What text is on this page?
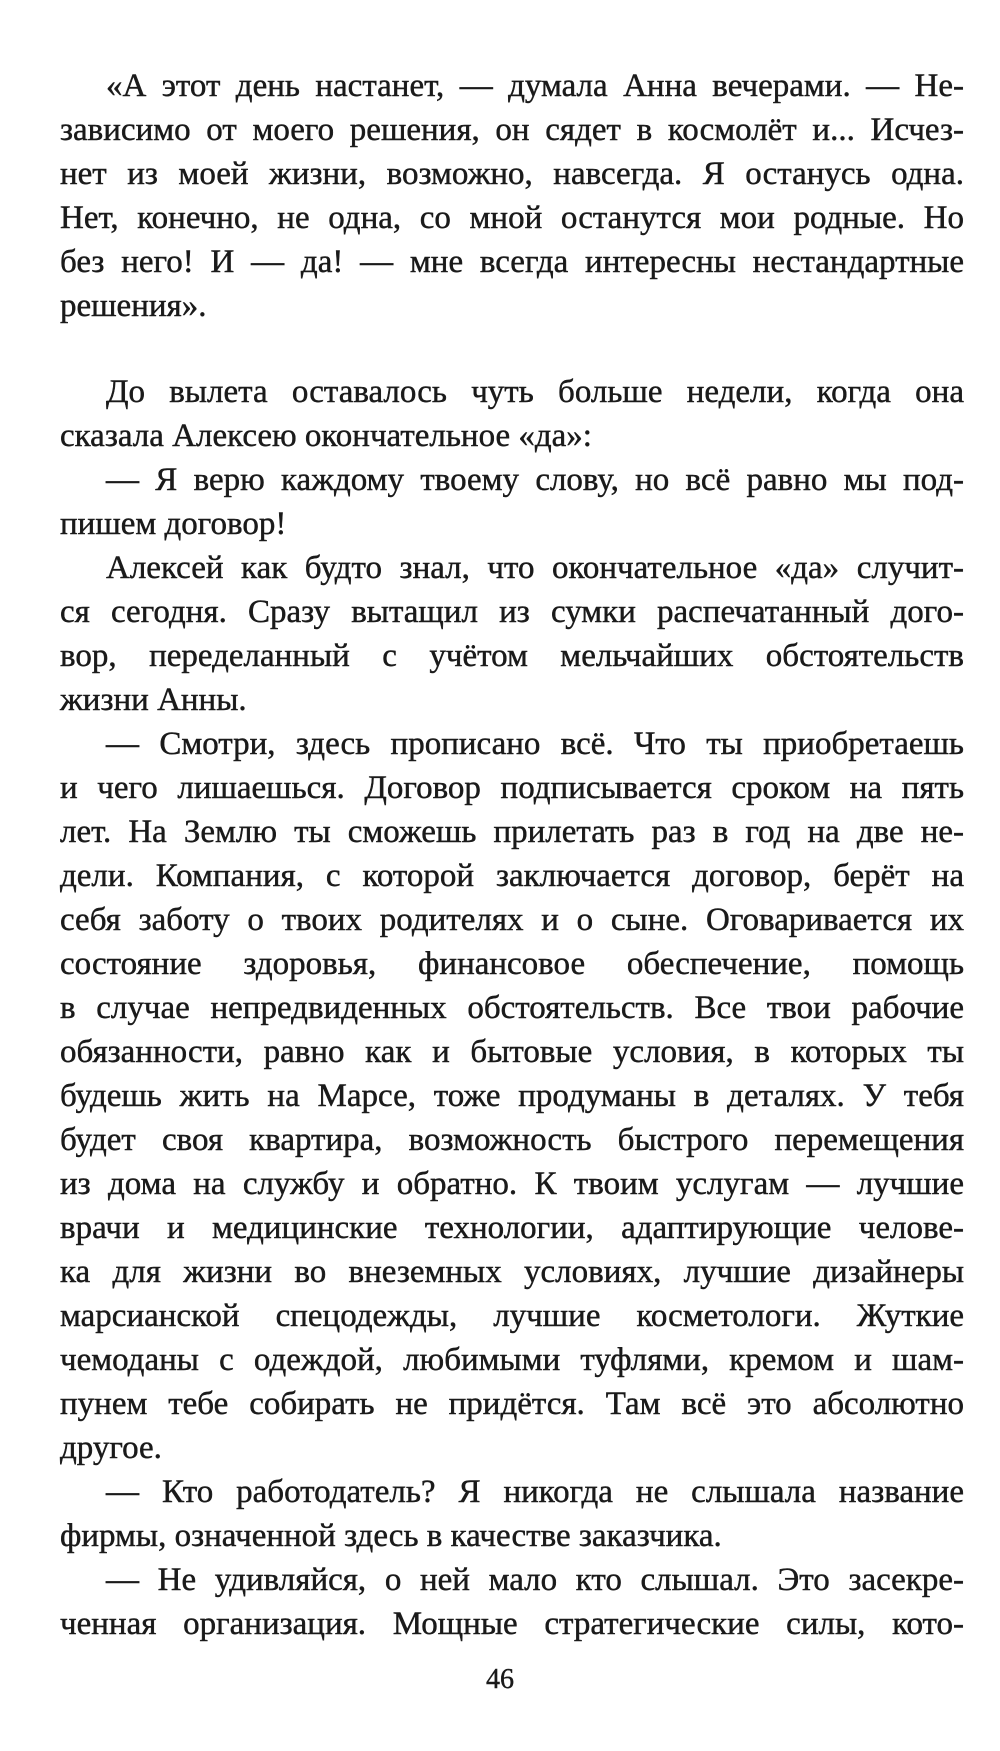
«А этот день настанет, — думала Анна вечерами. — Не-
зависимо от моего решения, он сядет в космолёт и... Исчез-
нет из моей жизни, возможно, навсегда. Я останусь одна.
Нет, конечно, не одна, со мной останутся мои родные. Но
без него! И — да! — мне всегда интересны нестандартные
решения».
До вылета оставалось чуть больше недели, когда она
сказала Алексею окончательное «да»:
— Я верю каждому твоему слову, но всё равно мы под-
пишем договор!
Алексей как будто знал, что окончательное «да» случит-
ся сегодня. Сразу вытащил из сумки распечатанный дого-
вор, переделанный с учётом мельчайших обстоятельств
жизни Анны.
— Смотри, здесь прописано всё. Что ты приобретаешь
и чего лишаешься. Договор подписывается сроком на пять
лет. На Землю ты сможешь прилетать раз в год на две не-
дели. Компания, с которой заключается договор, берёт на
себя заботу о твоих родителях и о сыне. Оговаривается их
состояние здоровья, финансовое обеспечение, помощь
в случае непредвиденных обстоятельств. Все твои рабочие
обязанности, равно как и бытовые условия, в которых ты
будешь жить на Марсе, тоже продуманы в деталях. У тебя
будет своя квартира, возможность быстрого перемещения
из дома на службу и обратно. К твоим услугам — лучшие
врачи и медицинские технологии, адаптирующие челове-
ка для жизни во внеземных условиях, лучшие дизайнеры
марсианской спецодежды, лучшие косметологи. Жуткие
чемоданы с одеждой, любимыми туфлями, кремом и шам-
пунем тебе собирать не придётся. Там всё это абсолютно
другое.
— Кто работодатель? Я никогда не слышала название
фирмы, означенной здесь в качестве заказчика.
— Не удивляйся, о ней мало кто слышал. Это засекре-
ченная организация. Мощные стратегические силы, кото-
46
